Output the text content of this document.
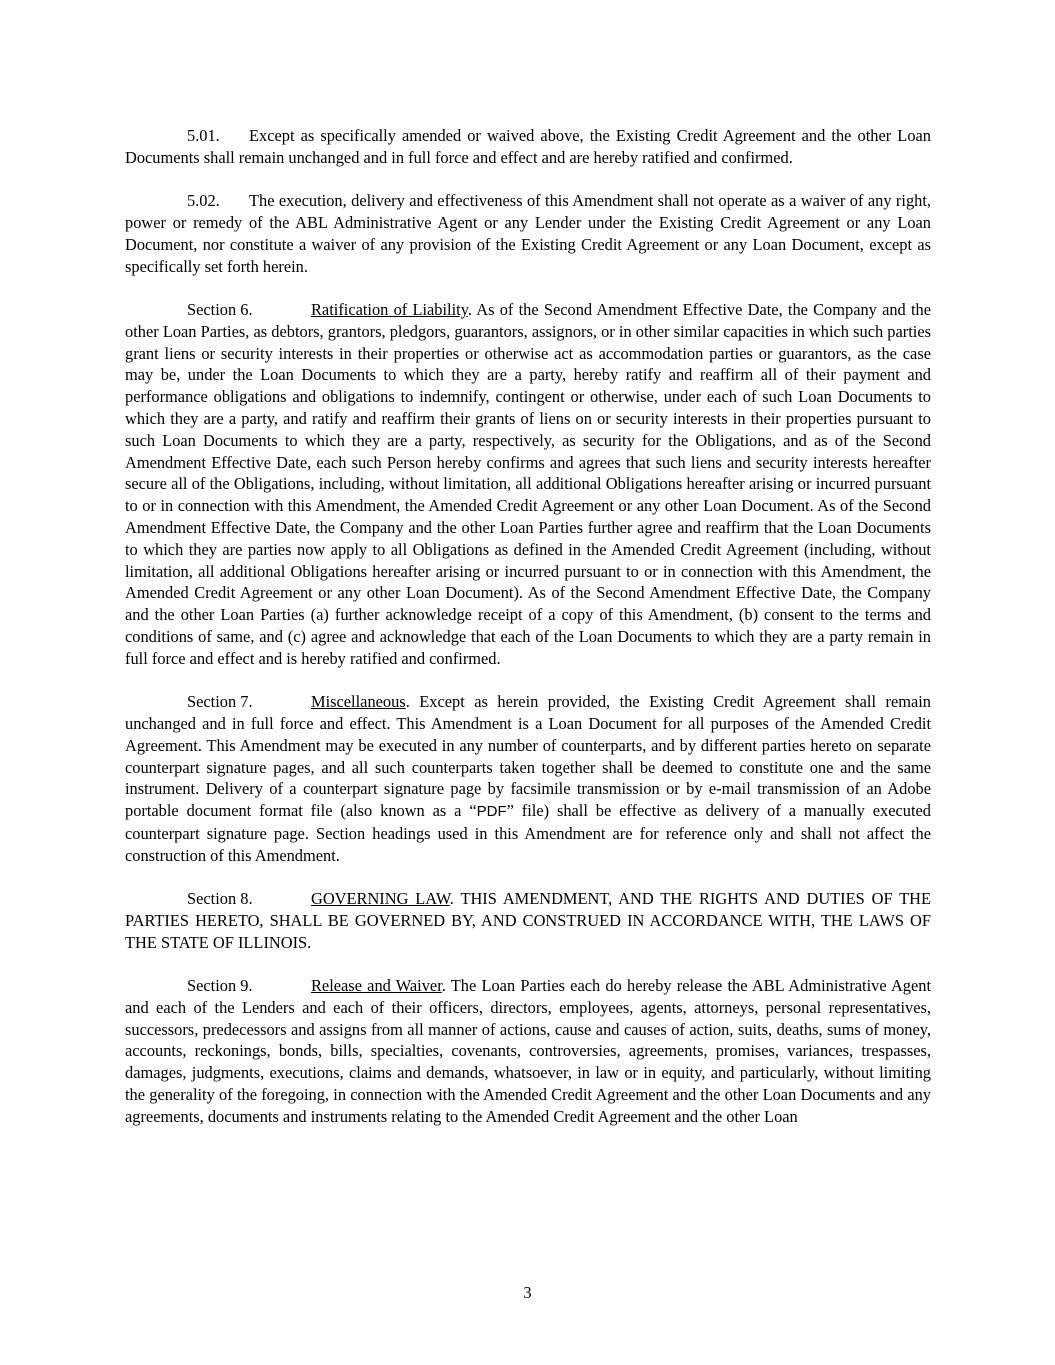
5.01. Except as specifically amended or waived above, the Existing Credit Agreement and the other Loan Documents shall remain unchanged and in full force and effect and are hereby ratified and confirmed.

5.02. The execution, delivery and effectiveness of this Amendment shall not operate as a waiver of any right, power or remedy of the ABL Administrative Agent or any Lender under the Existing Credit Agreement or any Loan Document, nor constitute a waiver of any provision of the Existing Credit Agreement or any Loan Document, except as specifically set forth herein.

Section 6.	Ratification of Liability. As of the Second Amendment Effective Date, the Company and the other Loan Parties, as debtors, grantors, pledgors, guarantors, assignors, or in other similar capacities in which such parties grant liens or security interests in their properties or otherwise act as accommodation parties or guarantors, as the case may be, under the Loan Documents to which they are a party, hereby ratify and reaffirm all of their payment and performance obligations and obligations to indemnify, contingent or otherwise, under each of such Loan Documents to which they are a party, and ratify and reaffirm their grants of liens on or security interests in their properties pursuant to such Loan Documents to which they are a party, respectively, as security for the Obligations, and as of the Second Amendment Effective Date, each such Person hereby confirms and agrees that such liens and security interests hereafter secure all of the Obligations, including, without limitation, all additional Obligations hereafter arising or incurred pursuant to or in connection with this Amendment, the Amended Credit Agreement or any other Loan Document. As of the Second Amendment Effective Date, the Company and the other Loan Parties further agree and reaffirm that the Loan Documents to which they are parties now apply to all Obligations as defined in the Amended Credit Agreement (including, without limitation, all additional Obligations hereafter arising or incurred pursuant to or in connection with this Amendment, the Amended Credit Agreement or any other Loan Document). As of the Second Amendment Effective Date, the Company and the other Loan Parties (a) further acknowledge receipt of a copy of this Amendment, (b) consent to the terms and conditions of same, and (c) agree and acknowledge that each of the Loan Documents to which they are a party remain in full force and effect and is hereby ratified and confirmed.

Section 7.	Miscellaneous. Except as herein provided, the Existing Credit Agreement shall remain unchanged and in full force and effect. This Amendment is a Loan Document for all purposes of the Amended Credit Agreement. This Amendment may be executed in any number of counterparts, and by different parties hereto on separate counterpart signature pages, and all such counterparts taken together shall be deemed to constitute one and the same instrument. Delivery of a counterpart signature page by facsimile transmission or by e-mail transmission of an Adobe portable document format file (also known as a “PDF” file) shall be effective as delivery of a manually executed counterpart signature page. Section headings used in this Amendment are for reference only and shall not affect the construction of this Amendment.

Section 8.	GOVERNING LAW. THIS AMENDMENT, AND THE RIGHTS AND DUTIES OF THE PARTIES HERETO, SHALL BE GOVERNED BY, AND CONSTRUED IN ACCORDANCE WITH, THE LAWS OF THE STATE OF ILLINOIS.

Section 9.	Release and Waiver. The Loan Parties each do hereby release the ABL Administrative Agent and each of the Lenders and each of their officers, directors, employees, agents, attorneys, personal representatives, successors, predecessors and assigns from all manner of actions, cause and causes of action, suits, deaths, sums of money, accounts, reckonings, bonds, bills, specialties, covenants, controversies, agreements, promises, variances, trespasses, damages, judgments, executions, claims and demands, whatsoever, in law or in equity, and particularly, without limiting the generality of the foregoing, in connection with the Amended Credit Agreement and the other Loan Documents and any agreements, documents and instruments relating to the Amended Credit Agreement and the other Loan

3
